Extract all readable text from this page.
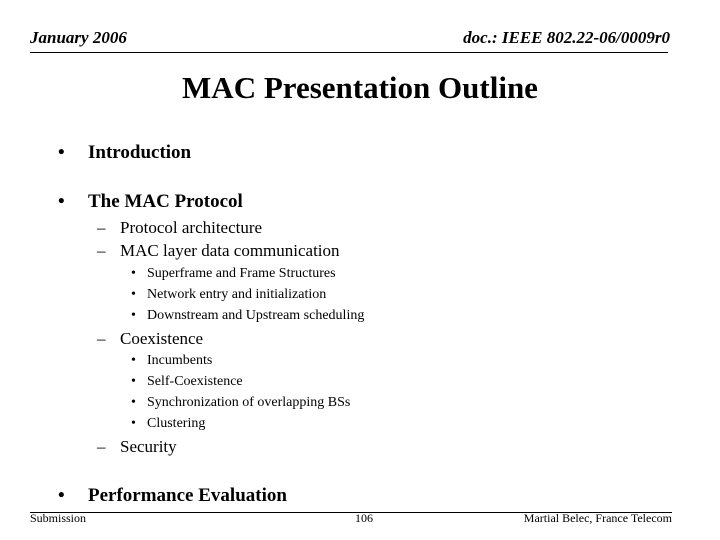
January 2006	doc.: IEEE 802.22-06/0009r0
MAC Presentation Outline
• Introduction
• The MAC Protocol
– Protocol architecture
– MAC layer data communication
• Superframe and Frame Structures
• Network entry and initialization
• Downstream and Upstream scheduling
– Coexistence
• Incumbents
• Self-Coexistence
• Synchronization of overlapping BSs
• Clustering
– Security
• Performance Evaluation
Submission	106	Martial Belec, France Telecom
